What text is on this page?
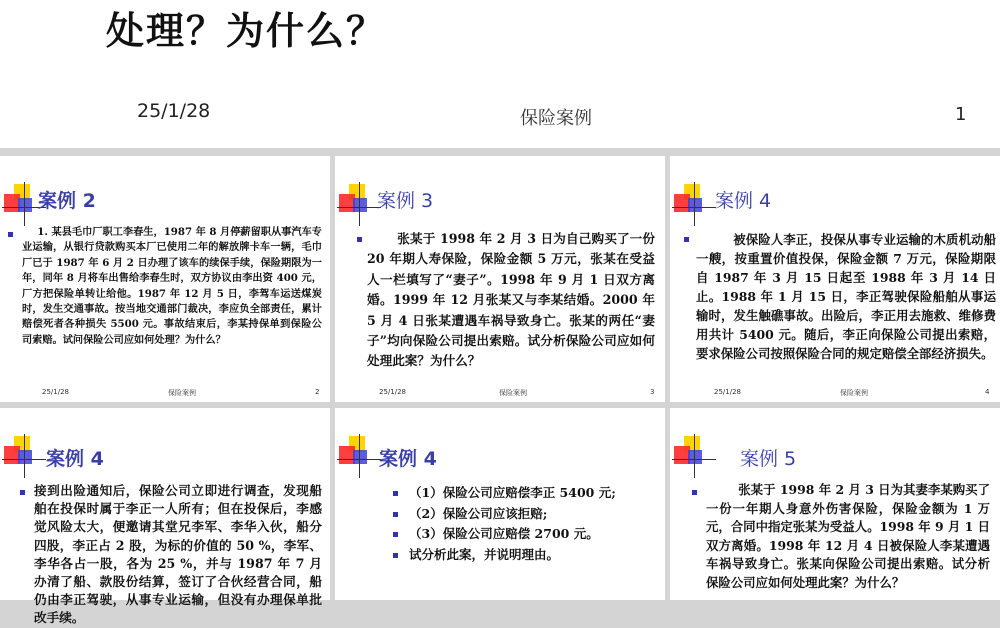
处理？为什么？
25/1/28	保险案例	1
案例 2
1. 某县毛巾厂职工李春生，1987 年 8 月停薪留职从事汽车专业运输，从银行贷款购买本厂已使用二年的解放牌卡车一辆，毛巾厂已于 1987 年 6 月 2 日办理了该车的续保手续，保险期限为一年，同年 8 月将车出售给李春生时，双方协议由李出资 400 元，厂方把保险单转让给他。1987 年 12 月 5 日，李驾车运送煤炭时，发生交通事故。按当地交通部门裁决，李应负全部责任，累计赔偿死者各种损失 5500 元。事故结束后，李某持保单到保险公司索赔。试问保险公司应如何处理？为什么？
25/1/28	保险案例	2
案例 3
张某于 1998 年 2 月 3 日为自己购买了一份 20 年期人寿保险，保险金额 5 万元，张某在受益人一栏填写了“妻子”。1998 年 9 月 1 日双方离婚。1999 年 12 月张某又与李某结婚。2000 年 5 月 4 日张某遭遇车祸导致身亡。张某的两任“妻子”均向保险公司提出索赔。试分析保险公司应如何处理此案？为什么？
25/1/28	保险案例	3
案例 4
被保险人李正，投保从事专业运输的木质机动船一艘，按重置价值投保，保险金额 7 万元，保险期限自 1987 年 3 月 15 日起至 1988 年 3 月 14 日止。1988 年 1 月 15 日，李正驾驶保险船舶从事运输时，发生触礁事故。出险后，李正用去施救、维修费用共计 5400 元。随后，李正向保险公司提出索赔，要求保险公司按照保险合同的规定赔偿全部经济损失。
25/1/28	保险案例	4
案例 4
接到出险通知后，保险公司立即进行调查，发现船舶在投保时属于李正一人所有；但在投保后，李感觉风险太大，便邀请其堂兄李军、李华入伙，船分四股，李正占 2 股，为标的价值的 50 %，李军、李华各占一股，各为 25 %，并与 1987 年 7 月办清了船、款股份结算，签订了合伙经营合同，船仍由李正驾驶，从事专业运输，但没有办理保单批改手续。
案例 4
（1）保险公司应赔偿李正 5400 元;
（2）保险公司应该拒赔;
（3）保险公司应赔偿 2700 元。
试分析此案，并说明理由。
案例 5
张某于 1998 年 2 月 3 日为其妻李某购买了一份一年期人身意外伤害保险，保险金额为 1 万元，合同中指定张某为受益人。1998 年 9 月 1 日双方离婚。1998 年 12 月 4 日被保险人李某遭遇车祸导致身亡。张某向保险公司提出索赔。试分析保险公司应如何处理此案？为什么？
